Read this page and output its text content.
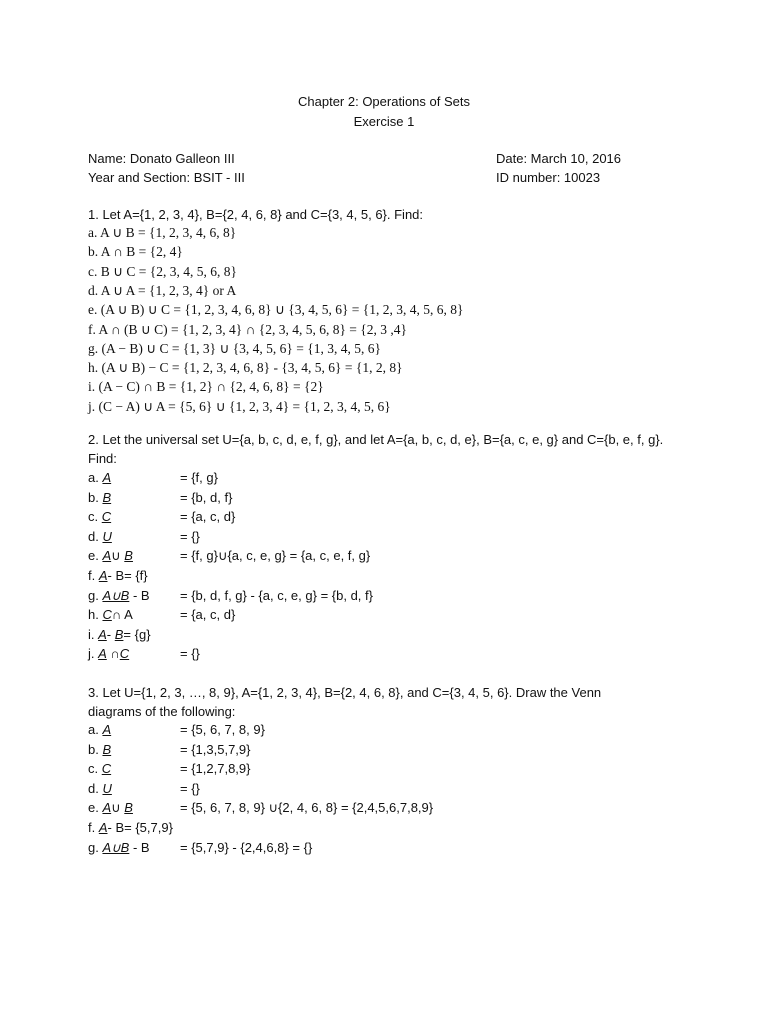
Chapter 2: Operations of Sets
Exercise 1
Name: Donato Galleon III	Date: March 10, 2016
Year and Section: BSIT - III	ID number: 10023
1. Let A={1, 2, 3, 4}, B={2, 4, 6, 8} and C={3, 4, 5, 6}. Find:
a. A ∪ B = {1, 2, 3, 4, 6, 8}
b. A ∩ B = {2, 4}
c. B ∪ C = {2, 3, 4, 5, 6, 8}
d. A ∪ A = {1, 2, 3, 4} or A
e. (A ∪ B) ∪ C = {1, 2, 3, 4, 6, 8} ∪ {3, 4, 5, 6} = {1, 2, 3, 4, 5, 6, 8}
f. A ∩ (B ∪ C) = {1, 2, 3, 4} ∩ {2, 3, 4, 5, 6, 8} = {2, 3 ,4}
g. (A − B) ∪ C = {1, 3} ∪ {3, 4, 5, 6} = {1, 3, 4, 5, 6}
h. (A ∪ B) − C = {1, 2, 3, 4, 6, 8} - {3, 4, 5, 6} = {1, 2, 8}
i. (A − C) ∩ B = {1, 2} ∩ {2, 4, 6, 8} = {2}
j. (C − A) ∪ A = {5, 6} ∪ {1, 2, 3, 4} = {1, 2, 3, 4, 5, 6}
2. Let the universal set U={a, b, c, d, e, f, g}, and let A={a, b, c, d, e}, B={a, c, e, g} and C={b, e, f, g}.
Find:
a. A	= {f, g}
b. B	= {b, d, f}
c. C	= {a, c, d}
d. U	= {}
e. A∪ B	= {f, g}∪{a, c, e, g} = {a, c, e, f, g}
f. A- B= {f}
g. A∪B - B = {b, d, f, g} - {a, c, e, g} = {b, d, f}
h. C∩ A	= {a, c, d}
i. A- B= {g}
j. A ∩C	= {}
3. Let U={1, 2, 3, …, 8, 9}, A={1, 2, 3, 4}, B={2, 4, 6, 8}, and C={3, 4, 5, 6}. Draw the Venn
diagrams of the following:
a. A	= {5, 6, 7, 8, 9}
b. B	= {1,3,5,7,9}
c. C	= {1,2,7,8,9}
d. U	= {}
e. A∪ B	= {5, 6, 7, 8, 9} ∪{2, 4, 6, 8} = {2,4,5,6,7,8,9}
f. A- B= {5,7,9}
g. A∪B - B = {5,7,9} - {2,4,6,8} = {}
